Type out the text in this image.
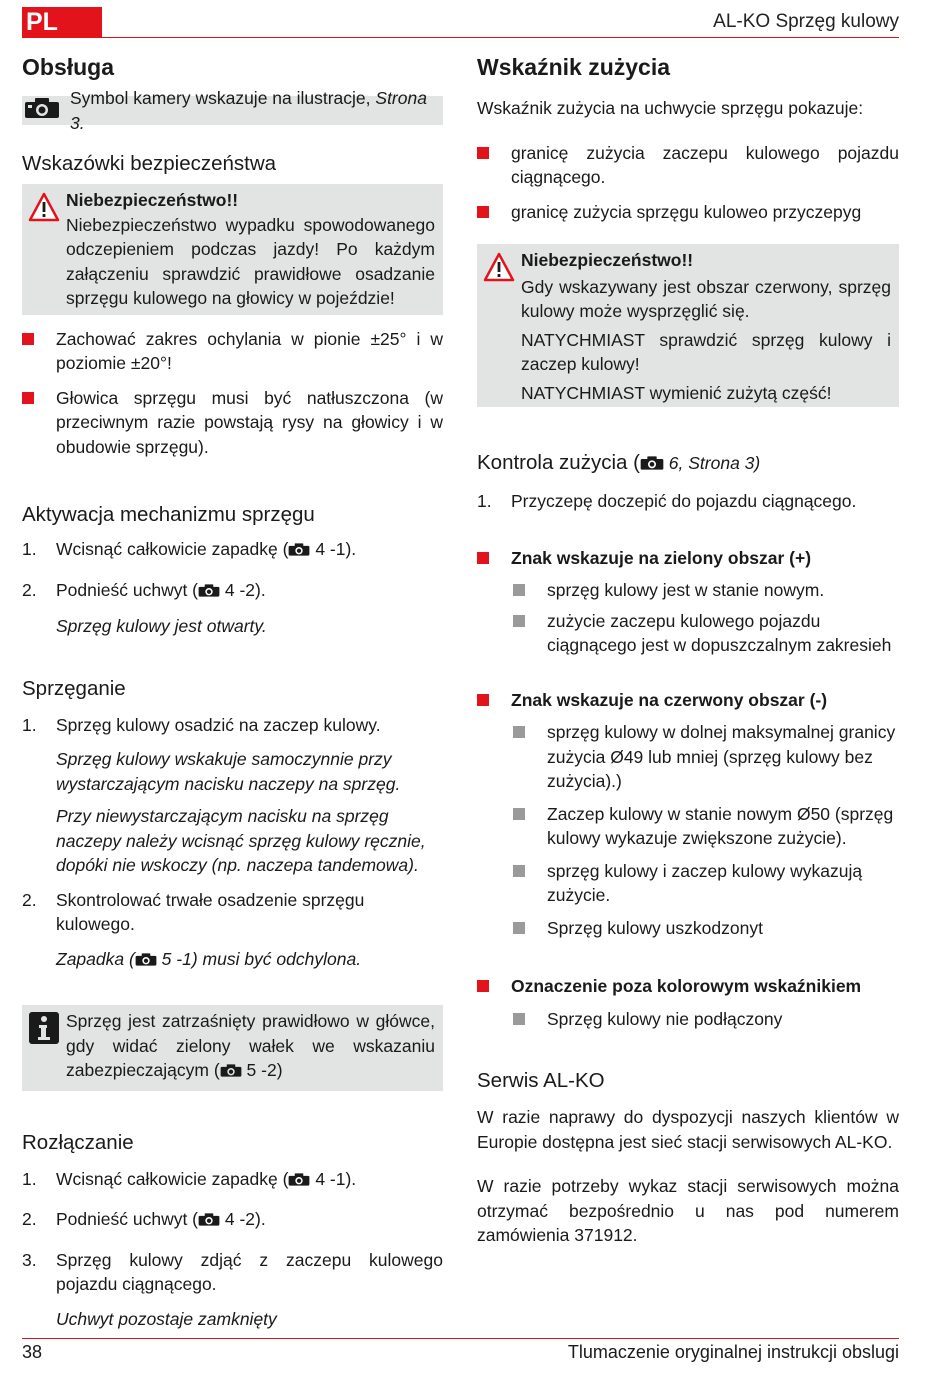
PL	AL-KO Sprzęg kulowy
Obsługa
Symbol kamery wskazuje na ilustracje, Strona 3.
Wskazówki bezpieczeństwa

Niebezpieczeństwo!!

Niebezpieczeństwo wypadku spowodowanego odczepieniem podczas jazdy! Po każdym załączeniu sprawdzić prawidłowe osadzanie sprzęgu kulowego na głowicy w pojeździe!

Zachować zakres ochylania w pionie ±25° i w poziomie ±20°!

Głowica sprzęgu musi być natłuszczona (w przeciwnym razie powstają rysy na głowicy i w obudowie sprzęgu).

Aktywacja mechanizmu sprzęgu
1.	Wcisnąć całkowicie zapadkę ( 4 -1).

2.	Podnieść uchwyt ( 4 -2).

Sprzęg kulowy jest otwarty.

Sprzęganie
1.	Sprzęg kulowy osadzić na zaczep kulowy.

Sprzęg kulowy wskakuje samoczynnie przy wystarczającym nacisku naczepy na sprzęg.

Przy niewystarczającym nacisku na sprzęg naczepy należy wcisnąć sprzęg kulowy ręcznie, dopóki nie wskoczy (np. naczepa tandemowa).

2.	Skontrolować trwałe osadzenie sprzęgu kulowego.

Zapadka ( 5 -1) musi być odchylona.

Sprzęg jest zatrzaśnięty prawidłowo w główce, gdy widać zielony wałek we wskazaniu zabezpieczającym ( 5 -2)

Rozłączanie
1.	Wcisnąć całkowicie zapadkę ( 4 -1).

2.	Podnieść uchwyt ( 4 -2).

3.	Sprzęg kulowy zdjąć z zaczepu kulowego pojazdu ciągnącego.

Uchwyt pozostaje zamknięty

Wskaźnik zużycia

Wskaźnik zużycia na uchwycie sprzęgu pokazuje:

granicę zużycia zaczepu kulowego pojazdu ciągnącego.

granicę zużycia sprzęgu kuloweo przyczepyg

Niebezpieczeństwo!!

Gdy wskazywany jest obszar czerwony, sprzęg kulowy może wysprzęglić się.

NATYCHMIAST sprawdzić sprzęg kulowy i zaczep kulowy!

NATYCHMIAST wymienić zużytą część!

Kontrola zużycia ( 6, Strona 3)
1.	Przyczepę doczepić do pojazdu ciągnącego.

Znak wskazuje na zielony obszar (+)

sprzęg kulowy jest w stanie nowym.

zużycie zaczepu kulowego pojazdu ciągnącego jest w dopuszczalnym zakresieh

Znak wskazuje na czerwony obszar (-)

sprzęg kulowy w dolnej maksymalnej granicy zużycia Ø49 lub mniej (sprzęg kulowy bez zużycia).)

Zaczep kulowy w stanie nowym Ø50 (sprzęg kulowy wykazuje zwiększone zużycie).

sprzęg kulowy i zaczep kulowy wykazują zużycie.

Sprzęg kulowy uszkodzonyt

Oznaczenie poza kolorowym wskaźnikiem

Sprzęg kulowy nie podłączony

Serwis AL-KO

W razie naprawy do dyspozycji naszych klientów w Europie dostępna jest sieć stacji serwisowych AL-KO.

W razie potrzeby wykaz stacji serwisowych można otrzymać bezpośrednio u nas pod numerem zamówienia 371912.

38	Tlumaczenie oryginalnej instrukcji obslugi
